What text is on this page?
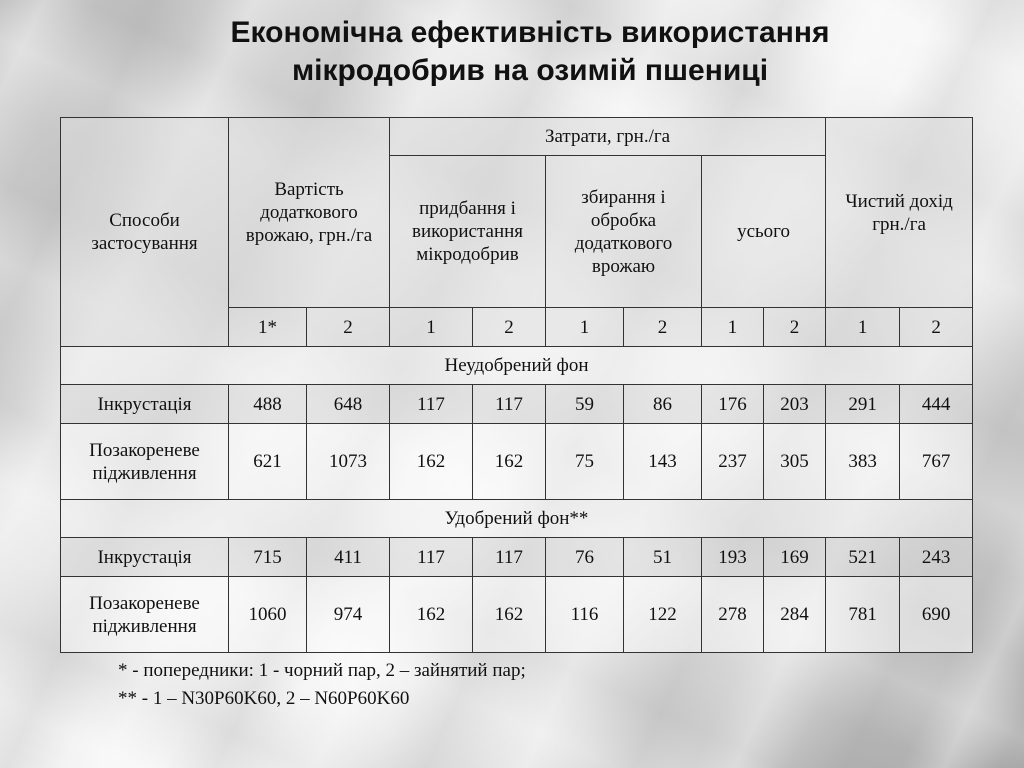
Економічна ефективність використання
мікродобрив на озимій пшениці
Способи застосування	Вартість додаткового врожаю, грн./га		Затрати, грн./га						Чистий дохід грн./га	
			придбання і використання мікродобрив		збирання і обробка додаткового врожаю		усього			
	1*	2	1	2	1	2	1	2	1	2
Неудобрений фон										
Інкрустація	488	648	117	117	59	86	176	203	291	444
Позакореневе підживлення	621	1073	162	162	75	143	237	305	383	767
Удобрений фон**										
Інкрустація	715	411	117	117	76	51	193	169	521	243
Позакореневе підживлення	1060	974	162	162	116	122	278	284	781	690
* - попередники: 1 - чорний пар, 2 – зайнятий пар;
** - 1 – N30P60K60, 2 – N60P60K60
